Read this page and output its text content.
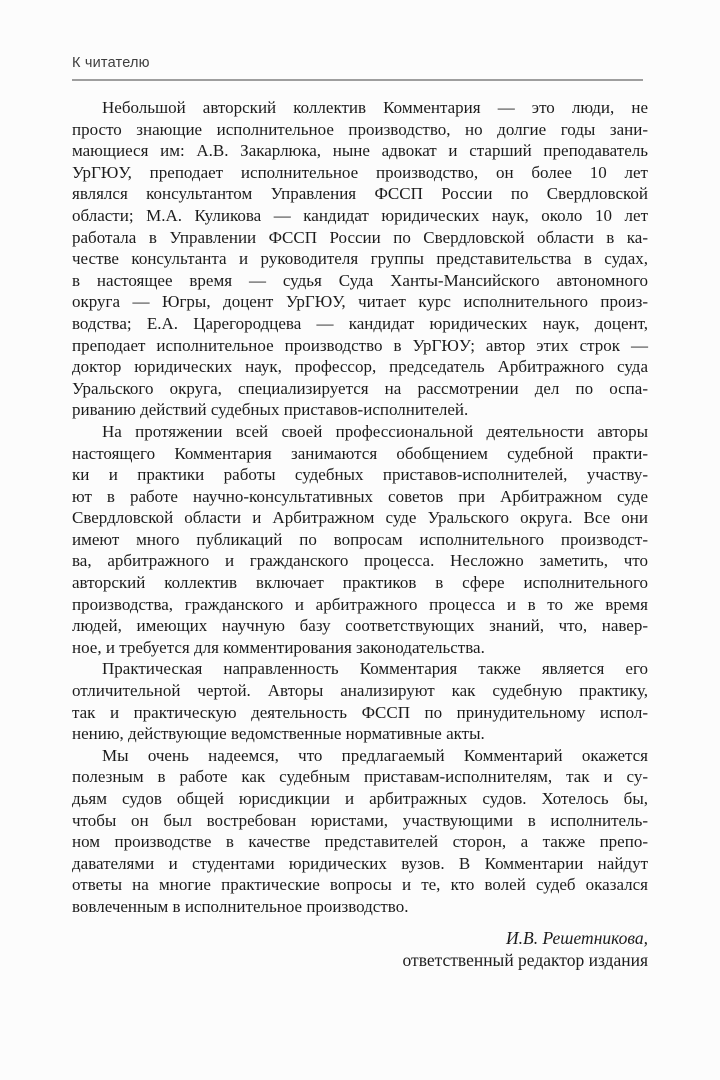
К читателю
Небольшой авторский коллектив Комментария — это люди, не
просто знающие исполнительное производство, но долгие годы зани-
мающиеся им: А.В. Закарлюка, ныне адвокат и старший преподаватель
УрГЮУ, преподает исполнительное производство, он более 10 лет
являлся консультантом Управления ФССП России по Свердловской
области; М.А. Куликова — кандидат юридических наук, около 10 лет
работала в Управлении ФССП России по Свердловской области в ка-
честве консультанта и руководителя группы представительства в судах,
в настоящее время — судья Суда Ханты-Мансийского автономного
округа — Югры, доцент УрГЮУ, читает курс исполнительного произ-
водства; Е.А. Царегородцева — кандидат юридических наук, доцент,
преподает исполнительное производство в УрГЮУ; автор этих строк —
доктор юридических наук, профессор, председатель Арбитражного суда
Уральского округа, специализируется на рассмотрении дел по оспа-
риванию действий судебных приставов-исполнителей.
На протяжении всей своей профессиональной деятельности авторы
настоящего Комментария занимаются обобщением судебной практи-
ки и практики работы судебных приставов-исполнителей, участву-
ют в работе научно-консультативных советов при Арбитражном суде
Свердловской области и Арбитражном суде Уральского округа. Все они
имеют много публикаций по вопросам исполнительного производст-
ва, арбитражного и гражданского процесса. Несложно заметить, что
авторский коллектив включает практиков в сфере исполнительного
производства, гражданского и арбитражного процесса и в то же время
людей, имеющих научную базу соответствующих знаний, что, навер-
ное, и требуется для комментирования законодательства.
Практическая направленность Комментария также является его
отличительной чертой. Авторы анализируют как судебную практику,
так и практическую деятельность ФССП по принудительному испол-
нению, действующие ведомственные нормативные акты.
Мы очень надеемся, что предлагаемый Комментарий окажется
полезным в работе как судебным приставам-исполнителям, так и су-
дьям судов общей юрисдикции и арбитражных судов. Хотелось бы,
чтобы он был востребован юристами, участвующими в исполнитель-
ном производстве в качестве представителей сторон, а также препо-
давателями и студентами юридических вузов. В Комментарии найдут
ответы на многие практические вопросы и те, кто волей судеб оказался
вовлеченным в исполнительное производство.
И.В. Решетникова,
ответственный редактор издания
